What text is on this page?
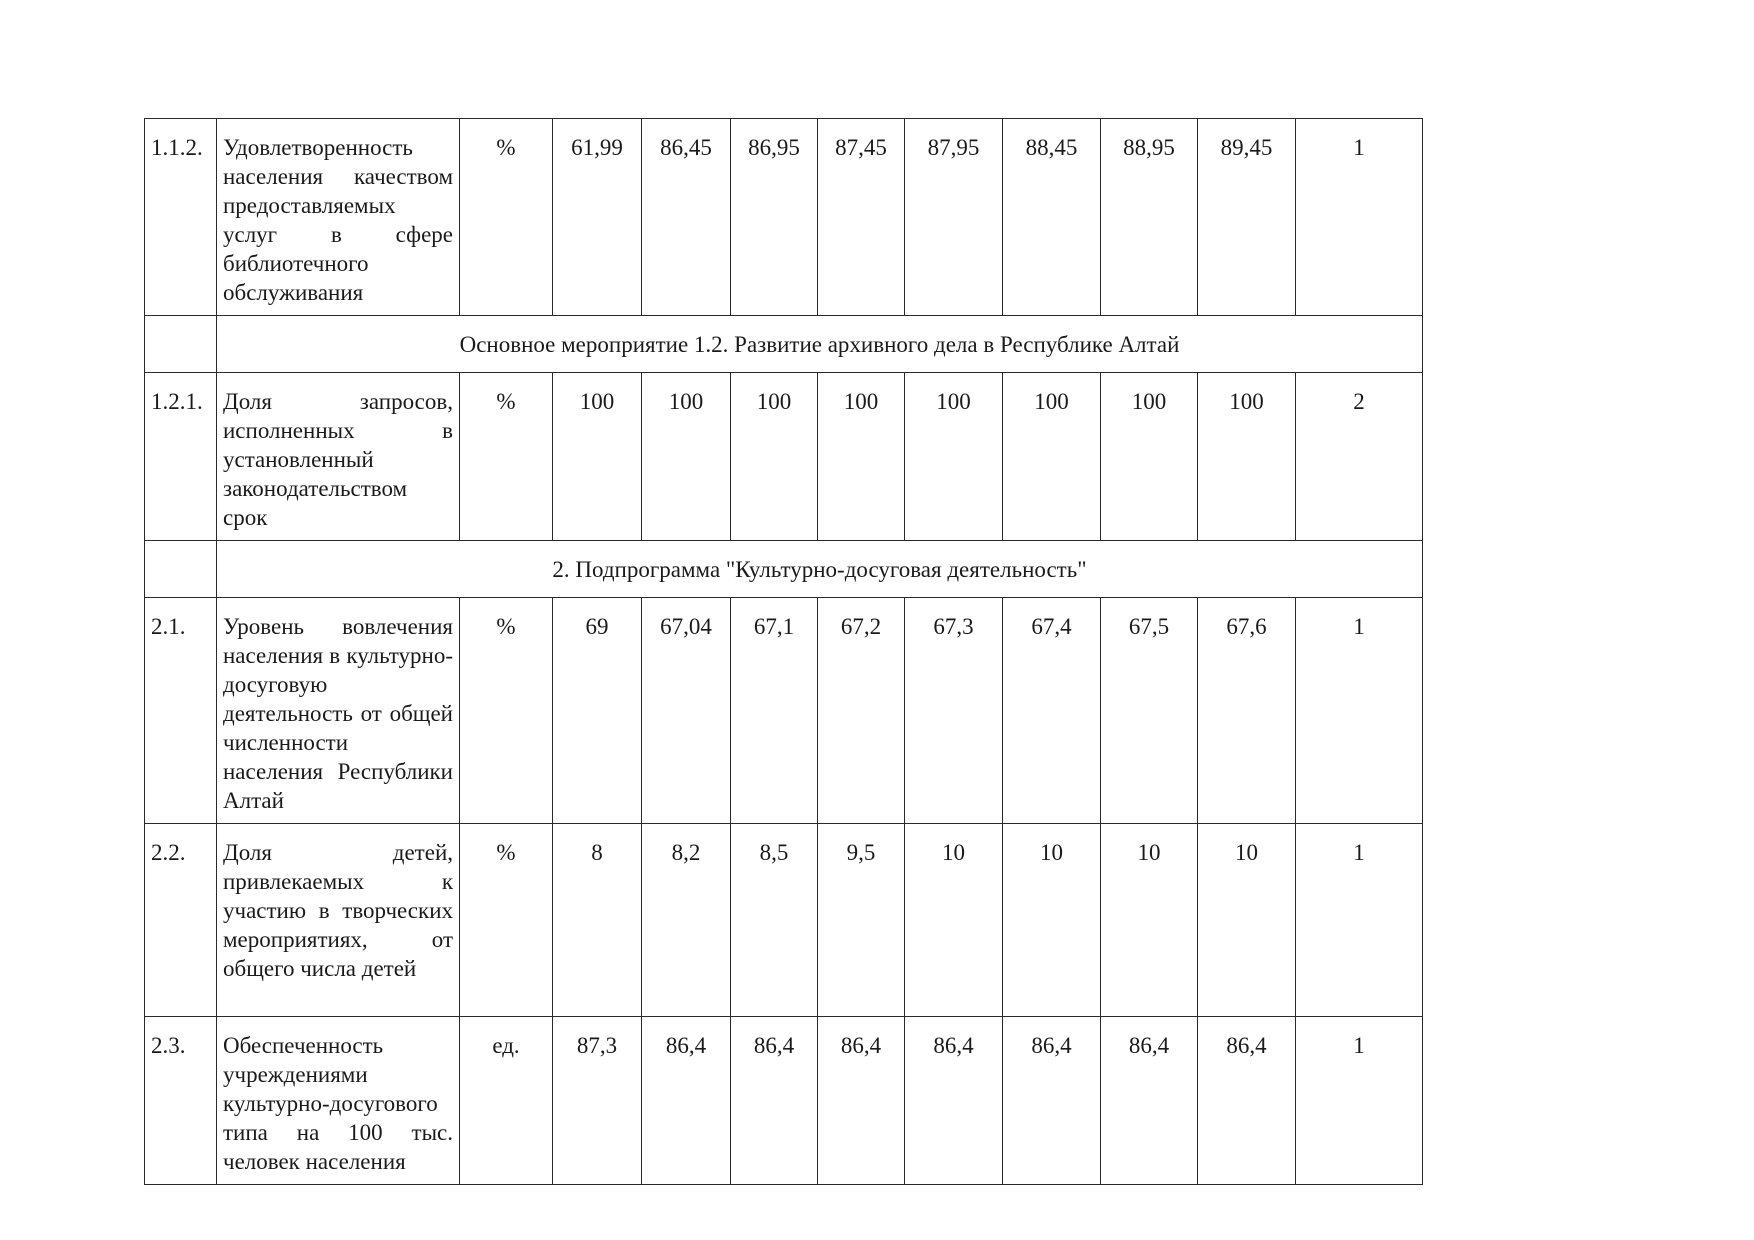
1.1.2.	Удовлетворенность населения качеством предоставляемых услуг в сфере библиотечного обслуживания	%	61,99	86,45	86,95	87,45	87,95	88,45	88,95	89,45	1
	Основное мероприятие 1.2. Развитие архивного дела в Республике Алтай										
1.2.1.	Доля запросов, исполненных в установленный законодательством срок	%	100	100	100	100	100	100	100	100	2
	2. Подпрограмма "Культурно-досуговая деятельность"										
2.1.	Уровень вовлечения населения в культурно-досуговую деятельность от общей численности населения Республики Алтай	%	69	67,04	67,1	67,2	67,3	67,4	67,5	67,6	1
2.2.	Доля детей, привлекаемых к участию в творческих мероприятиях, от общего числа детей	%	8	8,2	8,5	9,5	10	10	10	10	1
2.3.	Обеспеченность учреждениями культурно-досугового типа на 100 тыс. человек населения	ед.	87,3	86,4	86,4	86,4	86,4	86,4	86,4	86,4	1
